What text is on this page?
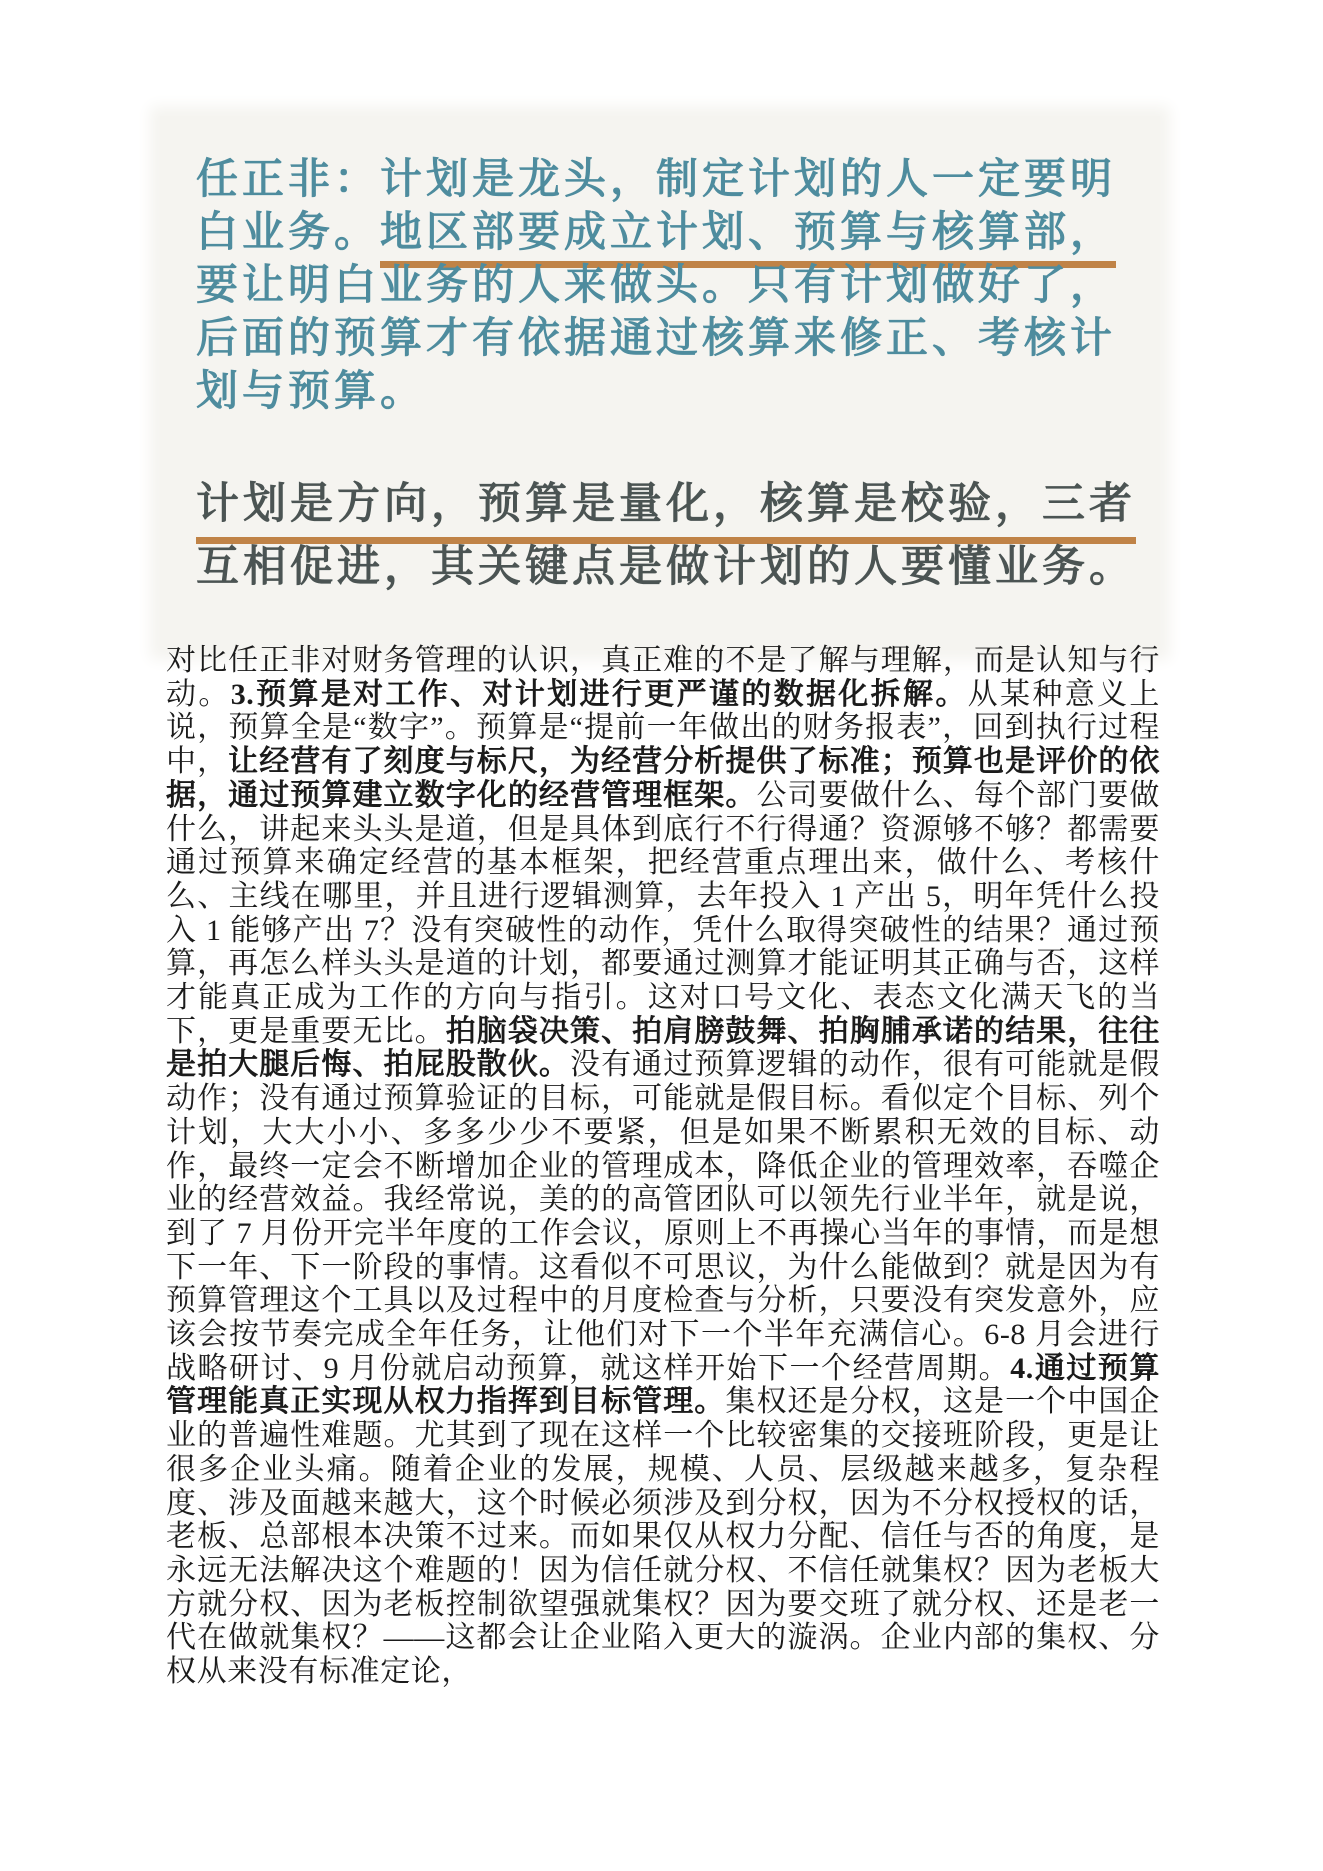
任正非：计划是龙头，制定计划的人一定要明
白业务。地区部要成立计划、预算与核算部，
要让明白业务的人来做头。只有计划做好了，
后面的预算才有依据通过核算来修正、考核计
划与预算。
计划是方向，预算是量化，核算是校验，三者
互相促进，其关键点是做计划的人要懂业务。
对比任正非对财务管理的认识，真正难的不是了解与理解，而是认知与行动。3.预算是对工作、对计划进行更严谨的数据化拆解。从某种意义上说，预算全是“数字”。预算是“提前一年做出的财务报表”，回到执行过程中，让经营有了刻度与标尺，为经营分析提供了标准；预算也是评价的依据，通过预算建立数字化的经营管理框架。公司要做什么、每个部门要做什么，讲起来头头是道，但是具体到底行不行得通？资源够不够？都需要通过预算来确定经营的基本框架，把经营重点理出来，做什么、考核什么、主线在哪里，并且进行逻辑测算，去年投入 1 产出 5，明年凭什么投入 1 能够产出 7？没有突破性的动作，凭什么取得突破性的结果？通过预算，再怎么样头头是道的计划，都要通过测算才能证明其正确与否，这样才能真正成为工作的方向与指引。这对口号文化、表态文化满天飞的当下，更是重要无比。拍脑袋决策、拍肩膀鼓舞、拍胸脯承诺的结果，往往是拍大腿后悔、拍屁股散伙。没有通过预算逻辑的动作，很有可能就是假动作；没有通过预算验证的目标，可能就是假目标。看似定个目标、列个计划，大大小小、多多少少不要紧，但是如果不断累积无效的目标、动作，最终一定会不断增加企业的管理成本，降低企业的管理效率，吞噬企业的经营效益。我经常说，美的的高管团队可以领先行业半年，就是说，到了 7 月份开完半年度的工作会议，原则上不再操心当年的事情，而是想下一年、下一阶段的事情。这看似不可思议，为什么能做到？就是因为有预算管理这个工具以及过程中的月度检查与分析，只要没有突发意外，应该会按节奏完成全年任务，让他们对下一个半年充满信心。6-8 月会进行战略研讨、9 月份就启动预算，就这样开始下一个经营周期。4.通过预算管理能真正实现从权力指挥到目标管理。集权还是分权，这是一个中国企业的普遍性难题。尤其到了现在这样一个比较密集的交接班阶段，更是让很多企业头痛。随着企业的发展，规模、人员、层级越来越多，复杂程度、涉及面越来越大，这个时候必须涉及到分权，因为不分权授权的话，老板、总部根本决策不过来。而如果仅从权力分配、信任与否的角度，是永远无法解决这个难题的！因为信任就分权、不信任就集权？因为老板大方就分权、因为老板控制欲望强就集权？因为要交班了就分权、还是老一代在做就集权？——这都会让企业陷入更大的漩涡。企业内部的集权、分权从来没有标准定论，
